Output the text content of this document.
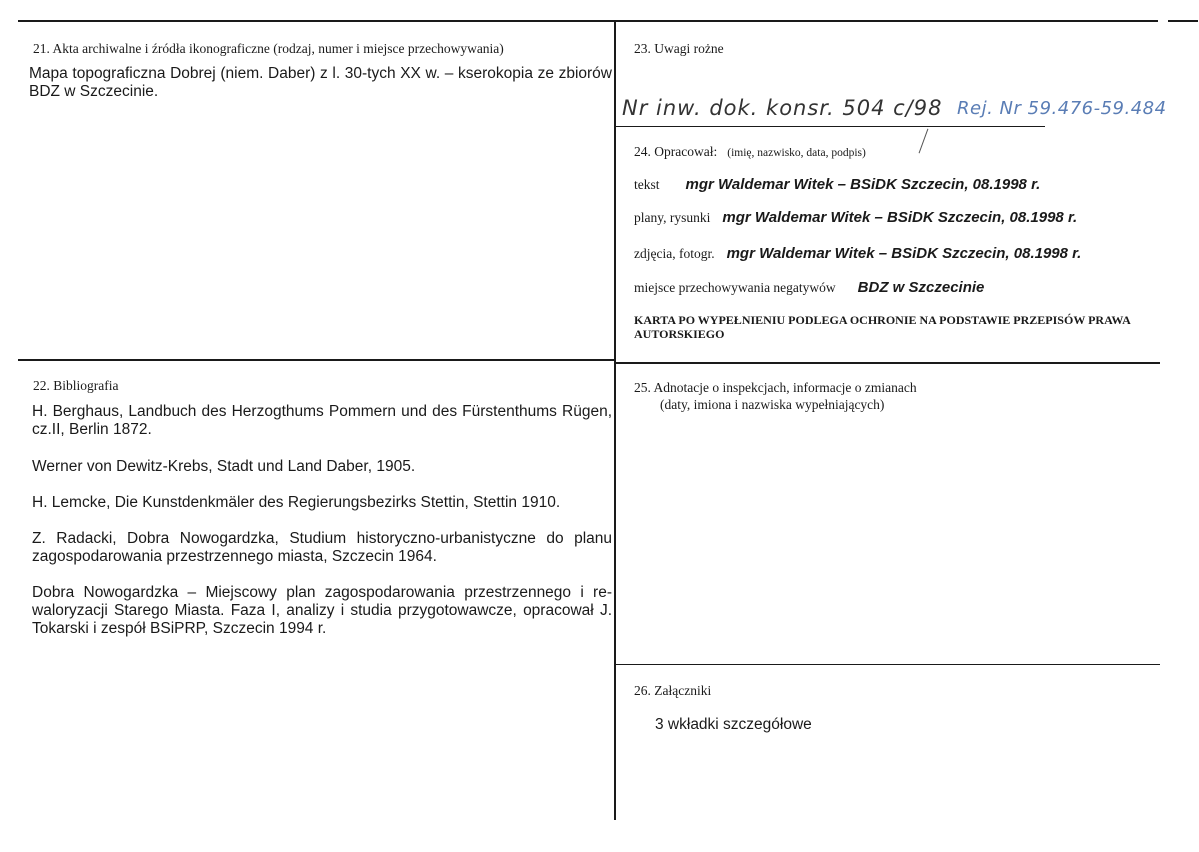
21. Akta archiwalne i źródła ikonograficzne (rodzaj, numer i miejsce przechowywania)
Mapa topograficzna Dobrej (niem. Daber) z l. 30-tych XX w. – kserokopia ze zbiorów BDZ w Szczecinie.
22. Bibliografia
H. Berghaus, Landbuch des Herzogthums Pommern und des Fürstenthums Rügen, cz.II, Berlin 1872.
Werner von Dewitz-Krebs, Stadt und Land Daber, 1905.
H. Lemcke, Die Kunstdenkmäler des Regierungsbezirks Stettin, Stettin 1910.
Z. Radacki, Dobra Nowogardzka, Studium historyczno-urbanistyczne do planu zagospodarowania przestrzennego miasta, Szczecin 1964.
Dobra Nowogardzka – Miejscowy plan zagospodarowania przestrzennego i re-waloryzacji Starego Miasta. Faza I, analizy i studia przygotowawcze, opracował J. Tokarski i zespół BSiPRP, Szczecin 1994 r.
23. Uwagi rożne
Nr inw. dok. konsr. 504 c/98 Rej. Nr 59.476-59.484
24. Opracował: (imię, nazwisko, data, podpis)
tekst mgr Waldemar Witek – BSiDK Szczecin, 08.1998 r.
plany, rysunki mgr Waldemar Witek – BSiDK Szczecin, 08.1998 r.
zdjęcia, fotogr. mgr Waldemar Witek – BSiDK Szczecin, 08.1998 r.
miejsce przechowywania negatywów BDZ w Szczecinie
KARTA PO WYPEŁNIENIU PODLEGA OCHRONIE NA PODSTAWIE PRZEPISÓW PRAWA AUTORSKIEGO
25. Adnotacje o inspekcjach, informacje o zmianach
(daty, imiona i nazwiska wypełniających)
26. Załączniki
3 wkładki szczegółowe
